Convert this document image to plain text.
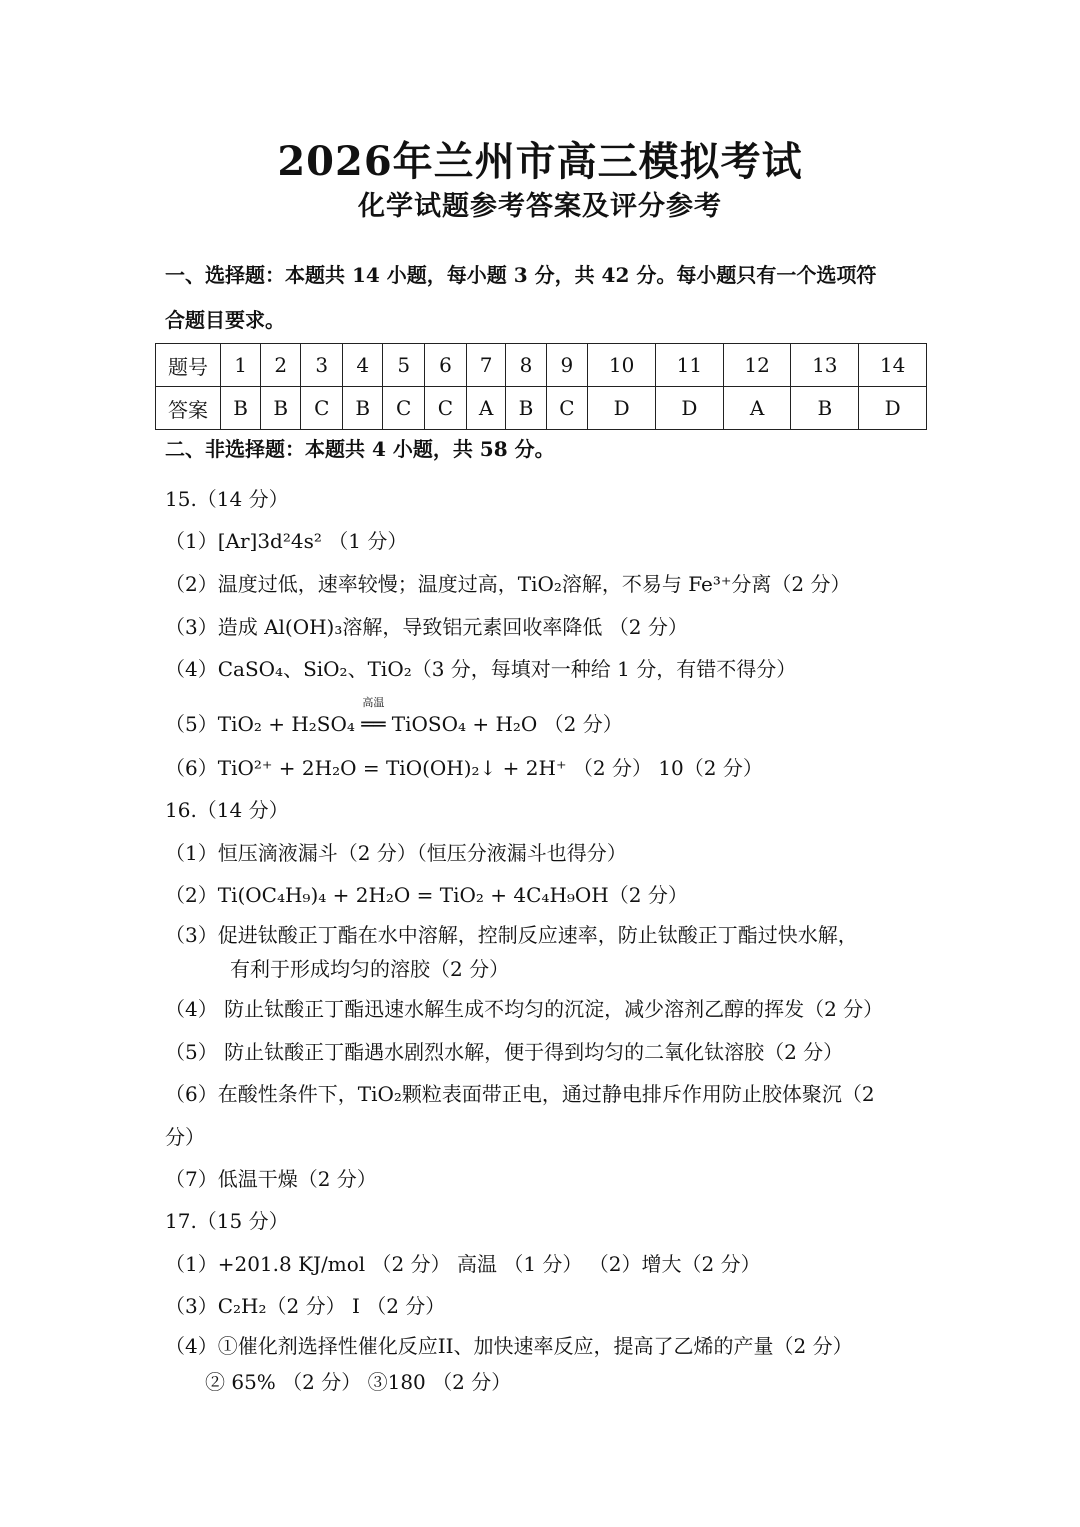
2026年兰州市高三模拟考试
化学试题参考答案及评分参考
一、选择题：本题共 14 小题，每小题 3 分，共 42 分。每小题只有一个选项符
合题目要求。
题号	1	2	3	4	5	6	7	8	9	10	11	12	13	14
答案	B	B	C	B	C	C	A	B	C	D	D	A	B	D
二、非选择题：本题共 4 小题，共 58 分。
15.（14 分）
（1）[Ar]3d²4s² （1 分）
（2）温度过低，速率较慢；温度过高，TiO₂溶解，不易与 Fe³⁺分离（2 分）
（3）造成 Al(OH)₃溶解，导致铝元素回收率降低 （2 分）
（4）CaSO₄、SiO₂、TiO₂（3 分，每填对一种给 1 分，有错不得分）
（5）TiO₂ + H₂SO₄
高温
══ TiOSO₄ + H₂O （2 分）
（6）TiO²⁺ + 2H₂O = TiO(OH)₂↓ + 2H⁺ （2 分） 10（2 分）
16.（14 分）
（1）恒压滴液漏斗（2 分）（恒压分液漏斗也得分）
（2）Ti(OC₄H₉)₄ + 2H₂O = TiO₂ + 4C₄H₉OH（2 分）
（3）促进钛酸正丁酯在水中溶解，控制反应速率，防止钛酸正丁酯过快水解，
有利于形成均匀的溶胶（2 分）
（4） 防止钛酸正丁酯迅速水解生成不均匀的沉淀，减少溶剂乙醇的挥发（2 分）
（5） 防止钛酸正丁酯遇水剧烈水解，便于得到均匀的二氧化钛溶胶（2 分）
（6）在酸性条件下，TiO₂颗粒表面带正电，通过静电排斥作用防止胶体聚沉（2
分）
（7）低温干燥（2 分）
17.（15 分）
（1）+201.8 KJ/mol （2 分） 高温 （1 分） （2）增大（2 分）
（3）C₂H₂（2 分） I （2 分）
（4）①催化剂选择性催化反应II、加快速率反应，提高了乙烯的产量（2 分）
② 65% （2 分） ③180 （2 分）
